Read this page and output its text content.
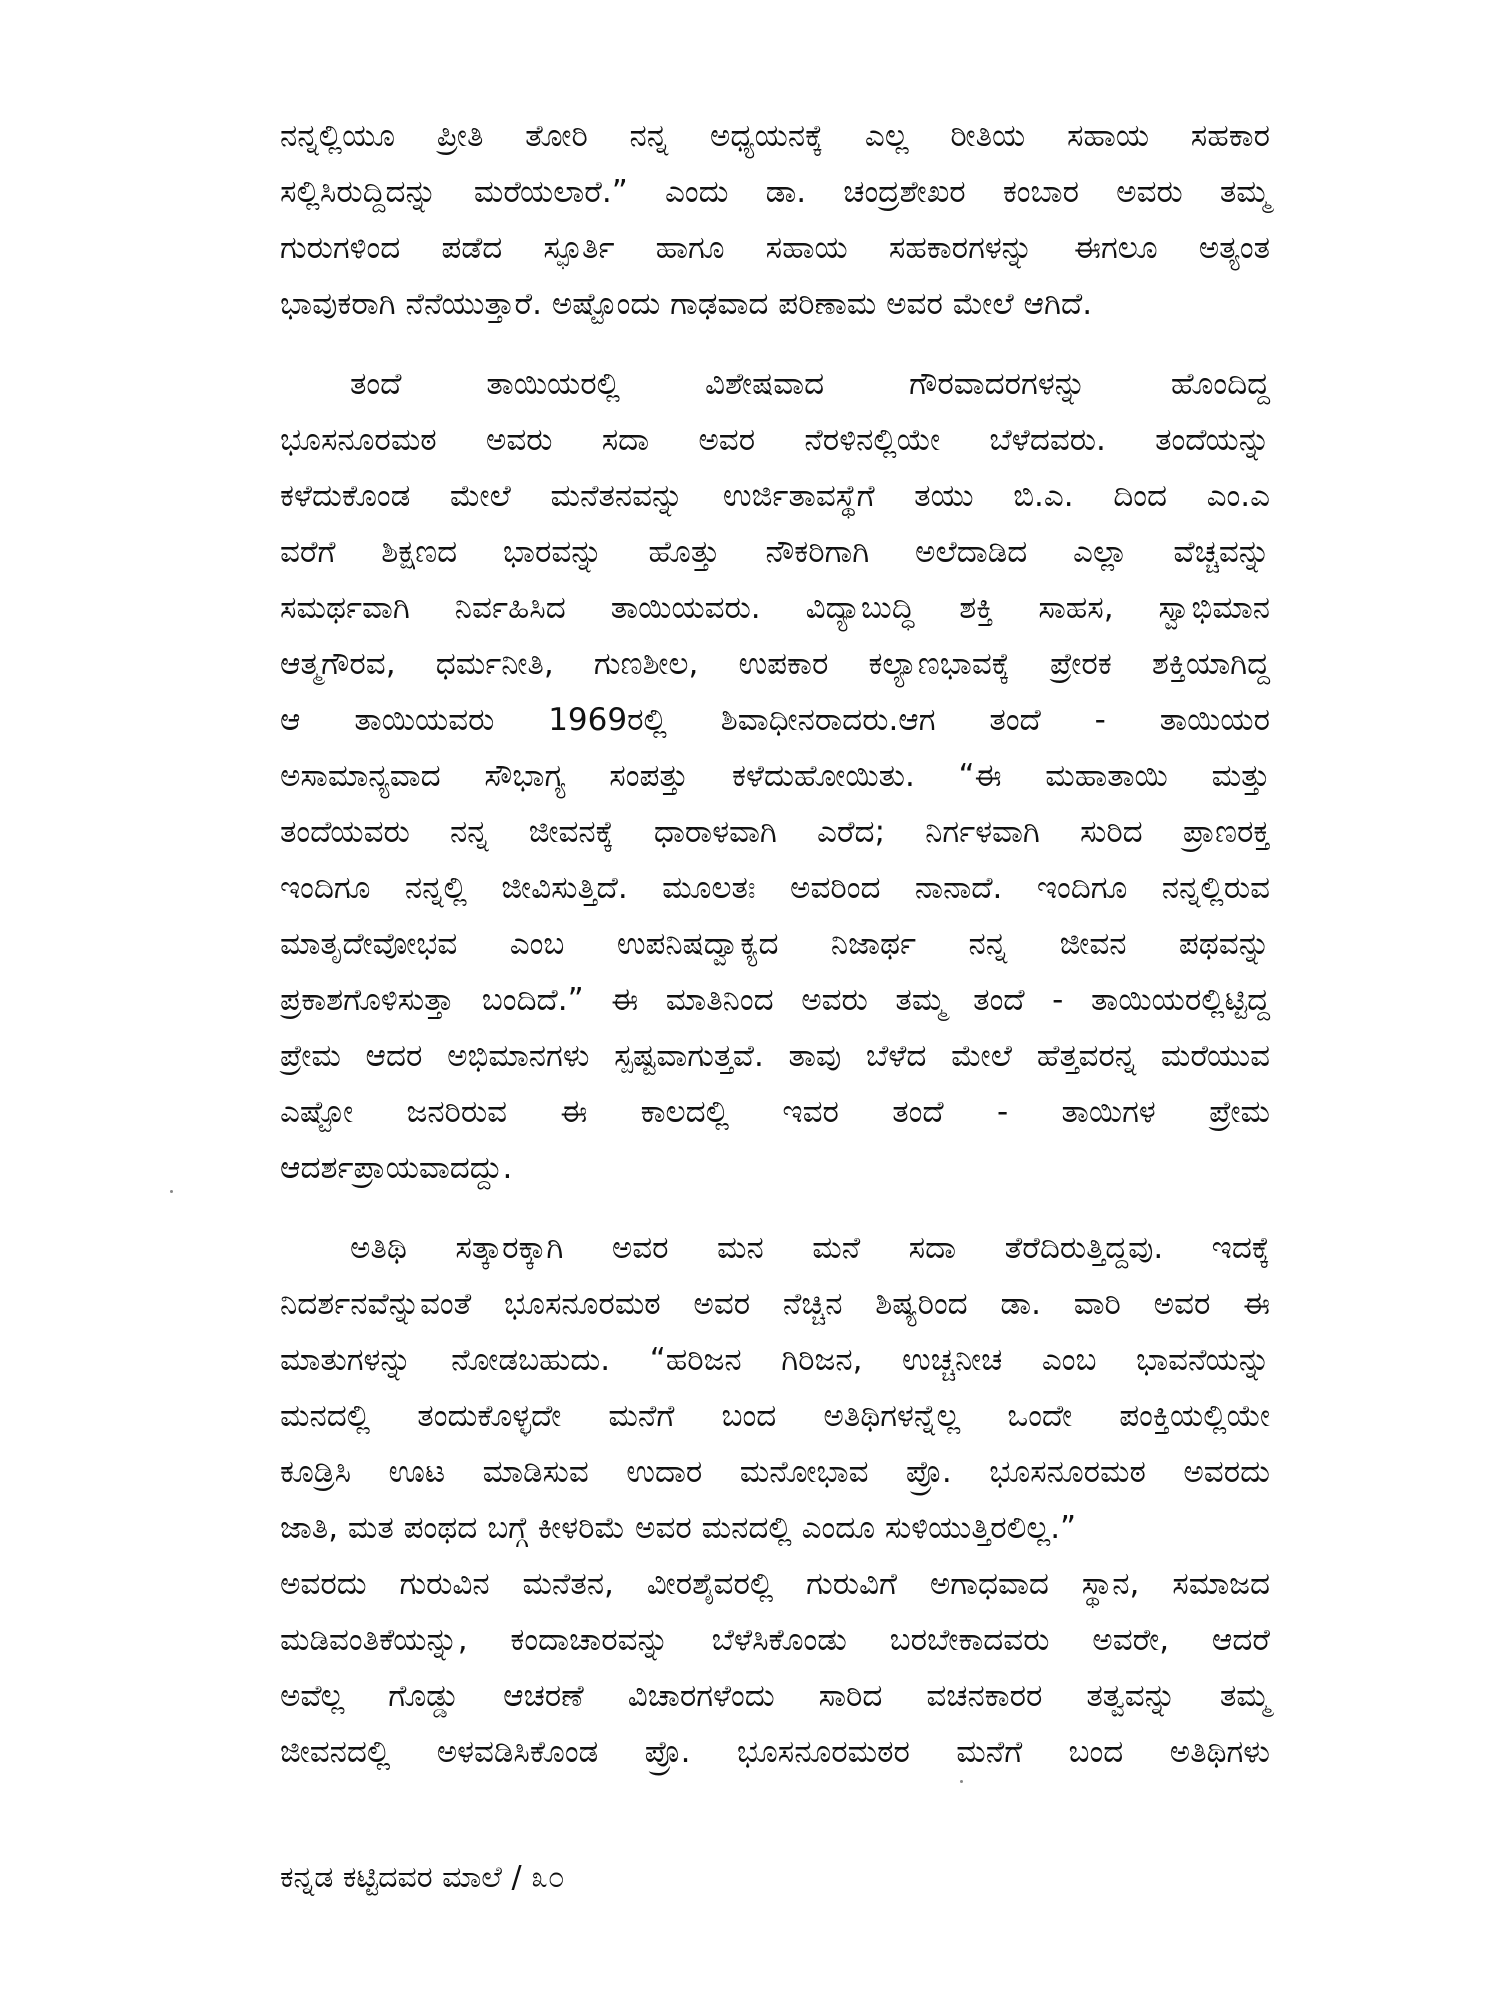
ನನ್ನಲ್ಲಿಯೂ ಪ್ರೀತಿ ತೋರಿ ನನ್ನ ಅಧ್ಯಯನಕ್ಕೆ ಎಲ್ಲ ರೀತಿಯ ಸಹಾಯ ಸಹಕಾರ
ಸಲ್ಲಿಸಿರುದ್ದಿದನ್ನು ಮರೆಯಲಾರೆ.” ಎಂದು ಡಾ. ಚಂದ್ರಶೇಖರ ಕಂಬಾರ ಅವರು ತಮ್ಮ
ಗುರುಗಳಿಂದ ಪಡೆದ ಸ್ಫೂರ್ತಿ ಹಾಗೂ ಸಹಾಯ ಸಹಕಾರಗಳನ್ನು ಈಗಲೂ ಅತ್ಯಂತ
ಭಾವುಕರಾಗಿ ನೆನೆಯುತ್ತಾರೆ. ಅಷ್ಟೊಂದು ಗಾಢವಾದ ಪರಿಣಾಮ ಅವರ ಮೇಲೆ ಆಗಿದೆ.
ತಂದೆ ತಾಯಿಯರಲ್ಲಿ ವಿಶೇಷವಾದ ಗೌರವಾದರಗಳನ್ನು ಹೊಂದಿದ್ದ
ಭೂಸನೂರಮಠ ಅವರು ಸದಾ ಅವರ ನೆರಳಿನಲ್ಲಿಯೇ ಬೆಳೆದವರು. ತಂದೆಯನ್ನು
ಕಳೆದುಕೊಂಡ ಮೇಲೆ ಮನೆತನವನ್ನು ಉರ್ಜಿತಾವಸ್ಥೆಗೆ ತಯು ಬಿ.ಎ. ದಿಂದ ಎಂ.ಎ
ವರೆಗೆ ಶಿಕ್ಷಣದ ಭಾರವನ್ನು ಹೊತ್ತು ನೌಕರಿಗಾಗಿ ಅಲೆದಾಡಿದ ಎಲ್ಲಾ ವೆಚ್ಚವನ್ನು
ಸಮರ್ಥವಾಗಿ ನಿರ್ವಹಿಸಿದ ತಾಯಿಯವರು. ವಿದ್ಯಾಬುದ್ಧಿ ಶಕ್ತಿ ಸಾಹಸ, ಸ್ವಾಭಿಮಾನ
ಆತ್ಮಗೌರವ, ಧರ್ಮನೀತಿ, ಗುಣಶೀಲ, ಉಪಕಾರ ಕಲ್ಯಾಣಭಾವಕ್ಕೆ ಪ್ರೇರಕ ಶಕ್ತಿಯಾಗಿದ್ದ
ಆ ತಾಯಿಯವರು 1969ರಲ್ಲಿ ಶಿವಾಧೀನರಾದರು.ಆಗ ತಂದೆ - ತಾಯಿಯರ
ಅಸಾಮಾನ್ಯವಾದ ಸೌಭಾಗ್ಯ ಸಂಪತ್ತು ಕಳೆದುಹೋಯಿತು. “ಈ ಮಹಾತಾಯಿ ಮತ್ತು
ತಂದೆಯವರು ನನ್ನ ಜೀವನಕ್ಕೆ ಧಾರಾಳವಾಗಿ ಎರೆದ; ನಿರ್ಗಳವಾಗಿ ಸುರಿದ ಪ್ರಾಣರಕ್ತ
ಇಂದಿಗೂ ನನ್ನಲ್ಲಿ ಜೀವಿಸುತ್ತಿದೆ. ಮೂಲತಃ ಅವರಿಂದ ನಾನಾದೆ. ಇಂದಿಗೂ ನನ್ನಲ್ಲಿರುವ
ಮಾತೃದೇವೋಭವ ಎಂಬ ಉಪನಿಷದ್ವಾಕ್ಯದ ನಿಜಾರ್ಥ ನನ್ನ ಜೀವನ ಪಥವನ್ನು
ಪ್ರಕಾಶಗೊಳಿಸುತ್ತಾ ಬಂದಿದೆ.” ಈ ಮಾತಿನಿಂದ ಅವರು ತಮ್ಮ ತಂದೆ - ತಾಯಿಯರಲ್ಲಿಟ್ಟಿದ್ದ
ಪ್ರೇಮ ಆದರ ಅಭಿಮಾನಗಳು ಸ್ಪಷ್ಟವಾಗುತ್ತವೆ. ತಾವು ಬೆಳೆದ ಮೇಲೆ ಹೆತ್ತವರನ್ನ ಮರೆಯುವ
ಎಷ್ಟೋ ಜನರಿರುವ ಈ ಕಾಲದಲ್ಲಿ ಇವರ ತಂದೆ - ತಾಯಿಗಳ ಪ್ರೇಮ
ಆದರ್ಶಪ್ರಾಯವಾದದ್ದು.
ಅತಿಥಿ ಸತ್ಕಾರಕ್ಕಾಗಿ ಅವರ ಮನ ಮನೆ ಸದಾ ತೆರೆದಿರುತ್ತಿದ್ದವು. ಇದಕ್ಕೆ
ನಿದರ್ಶನವೆನ್ನುವಂತೆ ಭೂಸನೂರಮಠ ಅವರ ನೆಚ್ಚಿನ ಶಿಷ್ಯರಿಂದ ಡಾ. ವಾರಿ ಅವರ ಈ
ಮಾತುಗಳನ್ನು ನೋಡಬಹುದು. “ಹರಿಜನ ಗಿರಿಜನ, ಉಚ್ಚನೀಚ ಎಂಬ ಭಾವನೆಯನ್ನು
ಮನದಲ್ಲಿ ತಂದುಕೊಳ್ಳದೇ ಮನೆಗೆ ಬಂದ ಅತಿಥಿಗಳನ್ನೆಲ್ಲ ಒಂದೇ ಪಂಕ್ತಿಯಲ್ಲಿಯೇ
ಕೂಡ್ರಿಸಿ ಊಟ ಮಾಡಿಸುವ ಉದಾರ ಮನೋಭಾವ ಪ್ರೊ. ಭೂಸನೂರಮಠ ಅವರದು
ಜಾತಿ, ಮತ ಪಂಥದ ಬಗ್ಗೆ ಕೀಳರಿಮೆ ಅವರ ಮನದಲ್ಲಿ ಎಂದೂ ಸುಳಿಯುತ್ತಿರಲಿಲ್ಲ.”
ಅವರದು ಗುರುವಿನ ಮನೆತನ, ವೀರಶೈವರಲ್ಲಿ ಗುರುವಿಗೆ ಅಗಾಧವಾದ ಸ್ಥಾನ, ಸಮಾಜದ
ಮಡಿವಂತಿಕೆಯನ್ನು, ಕಂದಾಚಾರವನ್ನು ಬೆಳೆಸಿಕೊಂಡು ಬರಬೇಕಾದವರು ಅವರೇ, ಆದರೆ
ಅವೆಲ್ಲ ಗೊಡ್ಡು ಆಚರಣೆ ವಿಚಾರಗಳೆಂದು ಸಾರಿದ ವಚನಕಾರರ ತತ್ವವನ್ನು ತಮ್ಮ
ಜೀವನದಲ್ಲಿ ಅಳವಡಿಸಿಕೊಂಡ ಪ್ರೊ. ಭೂಸನೂರಮಠರ ಮನೆಗೆ ಬಂದ ಅತಿಥಿಗಳು
ಕನ್ನಡ ಕಟ್ಟಿದವರ ಮಾಲೆ / ೩೦
